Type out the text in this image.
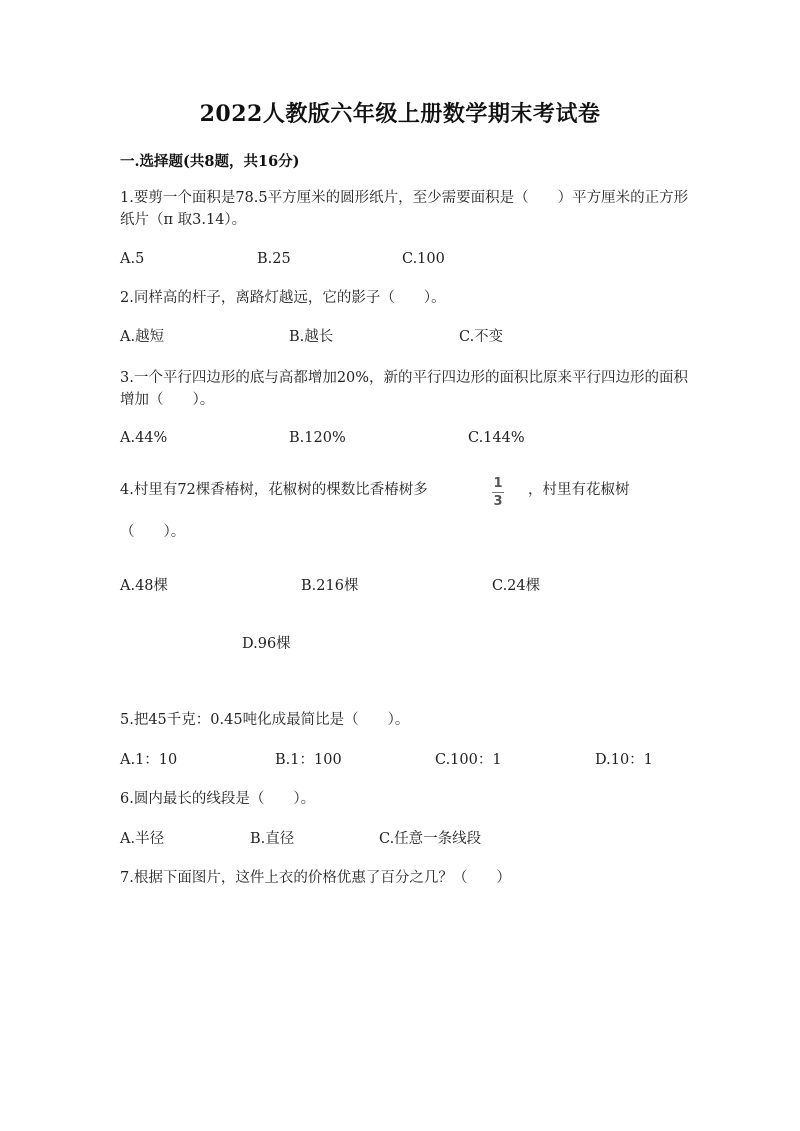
2022人教版六年级上册数学期末考试卷
一.选择题(共8题，共16分)
1.要剪一个面积是78.5平方厘米的圆形纸片，至少需要面积是（　　）平方厘米的正方形纸片（π 取3.14）。
A.5	B.25	C.100
2.同样高的杆子，离路灯越远，它的影子（　　）。
A.越短	B.越长	C.不变
3.一个平行四边形的底与高都增加20%，新的平行四边形的面积比原来平行四边形的面积增加（　　）。
A.44%	B.120%	C.144%
4.村里有72棵香椿树，花椒树的棵数比香椿树多	1
3
，村里有花椒树
（　　）。
A.48棵	B.216棵	C.24棵
D.96棵
5.把45千克：0.45吨化成最简比是（　　）。
A.1：10	B.1：100	C.100：1	D.10：1
6.圆内最长的线段是（　　）。
A.半径	B.直径	C.任意一条线段
7.根据下面图片，这件上衣的价格优惠了百分之几？（　　）
